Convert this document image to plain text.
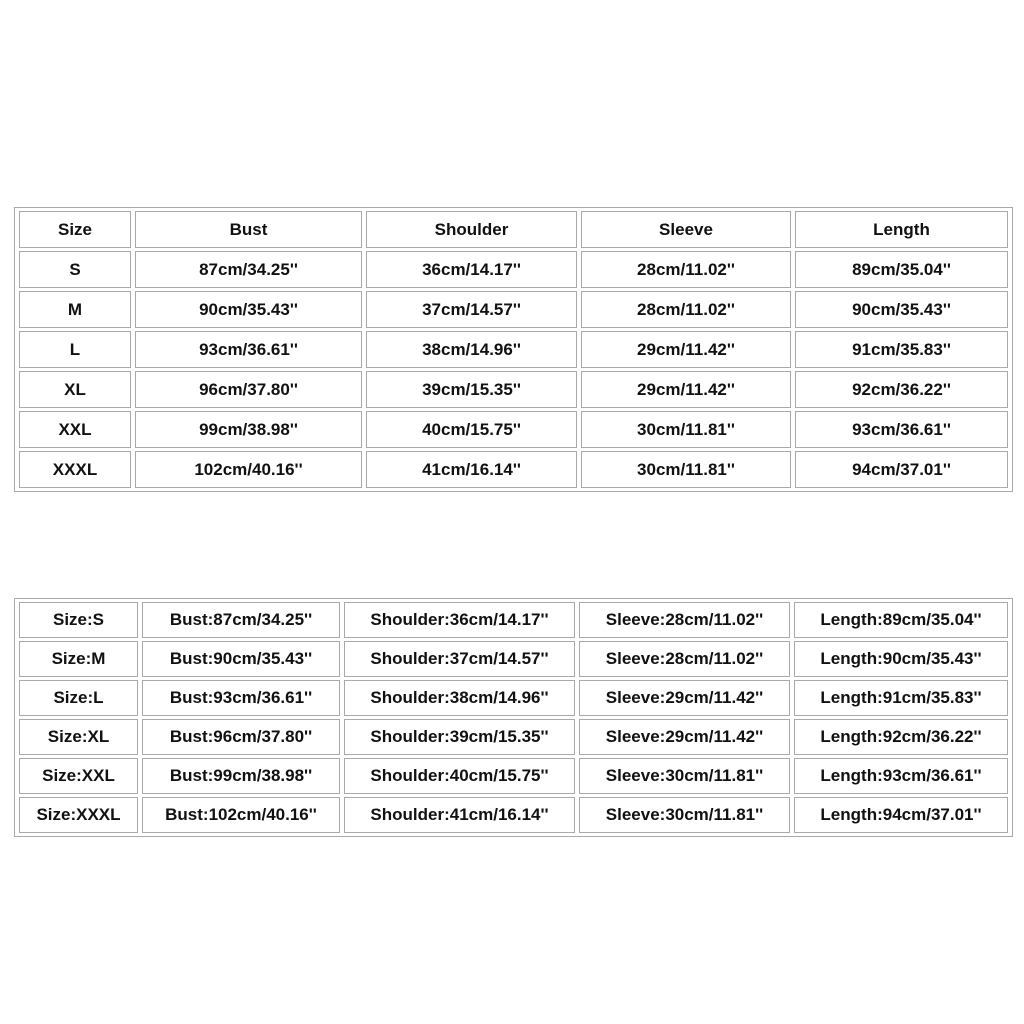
Size	Bust	Shoulder	Sleeve	Length
S	87cm/34.25''	36cm/14.17''	28cm/11.02''	89cm/35.04''
M	90cm/35.43''	37cm/14.57''	28cm/11.02''	90cm/35.43''
L	93cm/36.61''	38cm/14.96''	29cm/11.42''	91cm/35.83''
XL	96cm/37.80''	39cm/15.35''	29cm/11.42''	92cm/36.22''
XXL	99cm/38.98''	40cm/15.75''	30cm/11.81''	93cm/36.61''
XXXL	102cm/40.16''	41cm/16.14''	30cm/11.81''	94cm/37.01''
Size:S	Bust:87cm/34.25''	Shoulder:36cm/14.17''	Sleeve:28cm/11.02''	Length:89cm/35.04''
Size:M	Bust:90cm/35.43''	Shoulder:37cm/14.57''	Sleeve:28cm/11.02''	Length:90cm/35.43''
Size:L	Bust:93cm/36.61''	Shoulder:38cm/14.96''	Sleeve:29cm/11.42''	Length:91cm/35.83''
Size:XL	Bust:96cm/37.80''	Shoulder:39cm/15.35''	Sleeve:29cm/11.42''	Length:92cm/36.22''
Size:XXL	Bust:99cm/38.98''	Shoulder:40cm/15.75''	Sleeve:30cm/11.81''	Length:93cm/36.61''
Size:XXXL	Bust:102cm/40.16''	Shoulder:41cm/16.14''	Sleeve:30cm/11.81''	Length:94cm/37.01''
